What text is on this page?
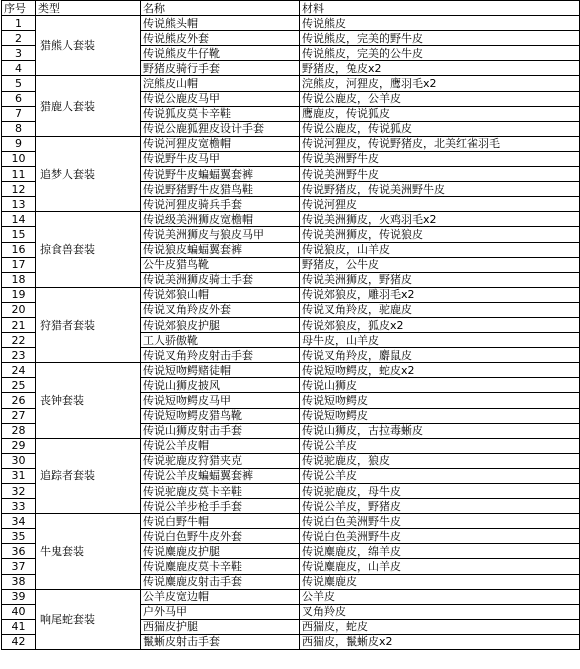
序号	类型	名称	材料
1	猎熊人套装	传说熊头帽	传说熊皮
2		传说熊皮外套	传说熊皮，完美的野牛皮
3		传说熊皮牛仔靴	传说熊皮，完美的公牛皮
4		野猪皮骑行手套	野猪皮，兔皮x2
5	猎鹿人套装	浣熊皮山帽	浣熊皮，河狸皮，鹰羽毛x2
6		传说公鹿皮马甲	传说公鹿皮，公羊皮
7		传说狐皮莫卡辛鞋	鹰鹿皮，传说狐皮
8		传说公鹿狐狸皮设计手套	传说公鹿皮，传说狐皮
9	追梦人套装	传说河狸皮宽檐帽	传说河狸皮，传说野猪皮，北美红雀羽毛
10		传说野牛皮马甲	传说美洲野牛皮
11		传说野牛皮蝙蝠翼套裤	传说美洲野牛皮
12		传说野猪野牛皮猎鸟鞋	传说野猪皮，传说美洲野牛皮
13		传说河狸皮骑兵手套	传说河狸皮
14	掠食兽套装	传说级美洲狮皮宽檐帽	传说美洲狮皮，火鸡羽毛x2
15		传说美洲狮皮与狼皮马甲	传说美洲狮皮，传说狼皮
16		传说狼皮蝙蝠翼套裤	传说狼皮，山羊皮
17		公牛皮猎鸟靴	野猪皮，公牛皮
18		传说美洲狮皮骑士手套	传说美洲狮皮，野猪皮
19	狩猎者套装	传说郊狼山帽	传说郊狼皮，雕羽毛x2
20		传说叉角羚皮外套	传说叉角羚皮，驼鹿皮
21		传说郊狼皮护腿	传说郊狼皮，狐皮x2
22		工人骄傲靴	母牛皮，山羊皮
23		传说叉角羚皮射击手套	传说叉角羚皮，麝鼠皮
24	丧钟套装	传说短吻鳄赌徒帽	传说短吻鳄皮，蛇皮x2
25		传说山狮皮披风	传说山狮皮
26		传说短吻鳄皮马甲	传说短吻鳄皮
27		传说短吻鳄皮猎鸟靴	传说短吻鳄皮
28		传说山狮皮射击手套	传说山狮皮，古拉毒蜥皮
29	追踪者套装	传说公羊皮帽	传说公羊皮
30		传说驼鹿皮狩猎夹克	传说驼鹿皮，狼皮
31		传说公羊皮蝙蝠翼套裤	传说公羊皮
32		传说驼鹿皮莫卡辛鞋	传说驼鹿皮，母牛皮
33		传说公羊步枪手手套	传说公羊皮，野猪皮
34	牛鬼套装	传说白野牛帽	传说白色美洲野牛皮
35		传说白色野牛皮外套	传说白色美洲野牛皮
36		传说麋鹿皮护腿	传说麋鹿皮，绵羊皮
37		传说麋鹿皮莫卡辛鞋	传说麋鹿皮，山羊皮
38		传说麋鹿皮射击手套	传说麋鹿皮
39	响尾蛇套装	公羊皮宽边帽	公羊皮
40		户外马甲	叉角羚皮
41		西猯皮护腿	西猯皮，蛇皮
42		鬣蜥皮射击手套	西猯皮，鬣蜥皮x2
